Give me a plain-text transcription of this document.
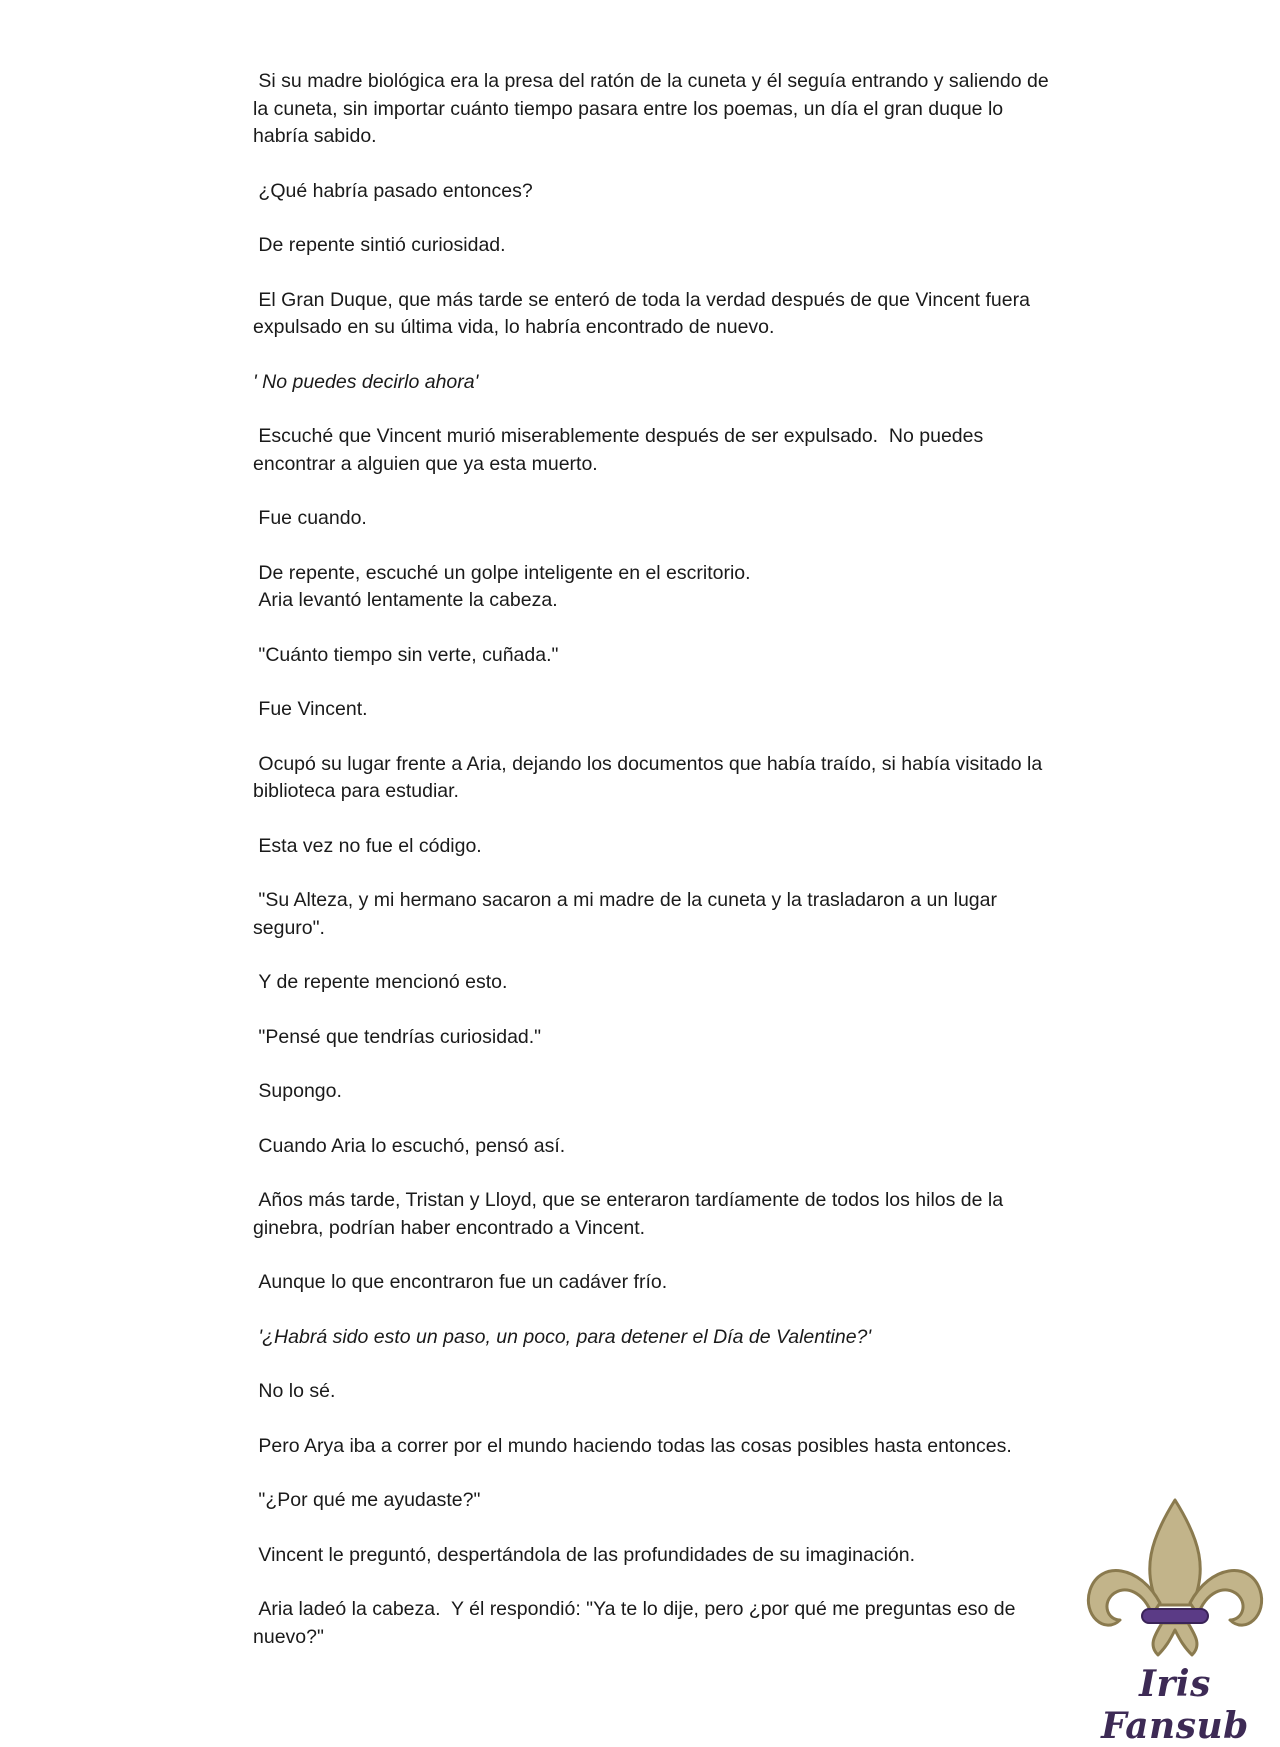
Si su madre biológica era la presa del ratón de la cuneta y él seguía entrando y saliendo de la cuneta, sin importar cuánto tiempo pasara entre los poemas, un día el gran duque lo habría sabido.

¿Qué habría pasado entonces?

De repente sintió curiosidad.

El Gran Duque, que más tarde se enteró de toda la verdad después de que Vincent fuera expulsado en su última vida, lo habría encontrado de nuevo.

' No puedes decirlo ahora'

Escuché que Vincent murió miserablemente después de ser expulsado.  No puedes encontrar a alguien que ya esta muerto.

Fue cuando.

De repente, escuché un golpe inteligente en el escritorio.
Aria levantó lentamente la cabeza.

"Cuánto tiempo sin verte, cuñada."

Fue Vincent.

Ocupó su lugar frente a Aria, dejando los documentos que había traído, si había visitado la biblioteca para estudiar.

Esta vez no fue el código.

"Su Alteza, y mi hermano sacaron a mi madre de la cuneta y la trasladaron a un lugar seguro".

Y de repente mencionó esto.

"Pensé que tendrías curiosidad."

Supongo.

Cuando Aria lo escuchó, pensó así.

Años más tarde, Tristan y Lloyd, que se enteraron tardíamente de todos los hilos de la ginebra, podrían haber encontrado a Vincent.

Aunque lo que encontraron fue un cadáver frío.

'¿Habrá sido esto un paso, un poco, para detener el Día de Valentine?'

No lo sé.

Pero Arya iba a correr por el mundo haciendo todas las cosas posibles hasta entonces.

"¿Por qué me ayudaste?"

Vincent le preguntó, despertándola de las profundidades de su imaginación.

Aria ladeó la cabeza.  Y él respondió: "Ya te lo dije, pero ¿por qué me preguntas eso de nuevo?"

Iris Fansub
